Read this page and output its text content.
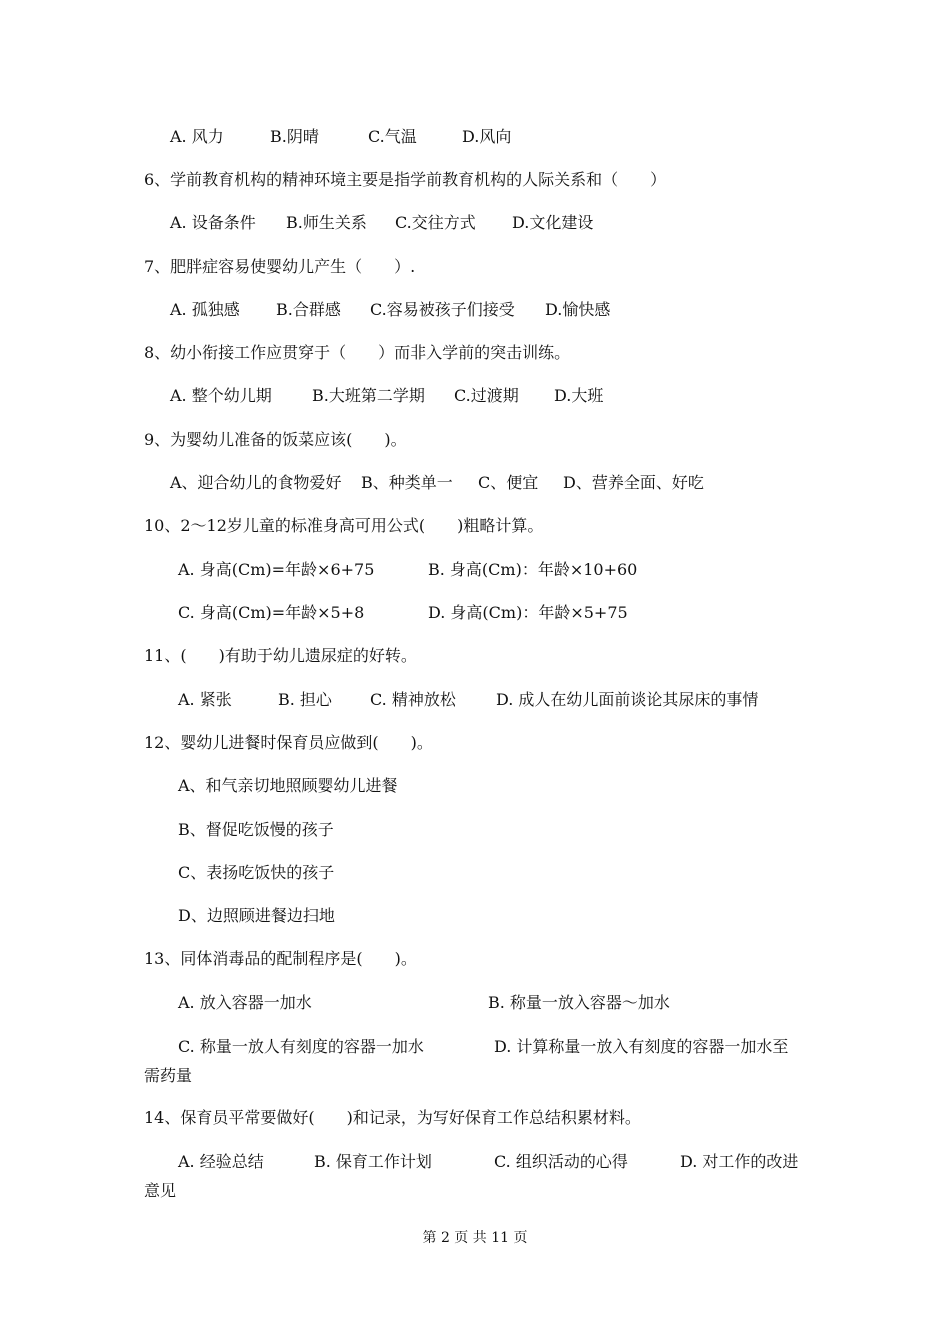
A. 风力	B.阴晴	C.气温	D.风向
6、学前教育机构的精神环境主要是指学前教育机构的人际关系和（　　）
A. 设备条件 B.师生关系 C.交往方式 D.文化建设
7、肥胖症容易使婴幼儿产生（　　）.
A. 孤独感 B.合群感 C.容易被孩子们接受 D.愉快感
8、幼小衔接工作应贯穿于（　　）而非入学前的突击训练。
A. 整个幼儿期	B.大班第二学期 C.过渡期 D.大班
9、为婴幼儿准备的饭菜应该(　　)。
A、迎合幼儿的食物爱好 B、种类单一 C、便宜 D、营养全面、好吃
10、2～12岁儿童的标准身高可用公式(　　)粗略计算。
A. 身高(Cm)=年龄×6+75	B. 身高(Cm)：年龄×10+60
C. 身高(Cm)=年龄×5+8	D. 身高(Cm)：年龄×5+75
11、(　　)有助于幼儿遗尿症的好转。
A. 紧张	B. 担心 C. 精神放松	D. 成人在幼儿面前谈论其尿床的事情
12、婴幼儿进餐时保育员应做到(　　)。
A、和气亲切地照顾婴幼儿进餐
B、督促吃饭慢的孩子
C、表扬吃饭快的孩子
D、边照顾进餐边扫地
13、同体消毒品的配制程序是(　　)。
A. 放入容器一加水	B. 称量一放入容器～加水
C. 称量一放人有刻度的容器一加水	D. 计算称量一放入有刻度的容器一加水至
需药量
14、保育员平常要做好(　　)和记录，为写好保育工作总结积累材料。
A. 经验总结	B. 保育工作计划	C. 组织活动的心得	D. 对工作的改进
意见
第 2 页 共 11 页
